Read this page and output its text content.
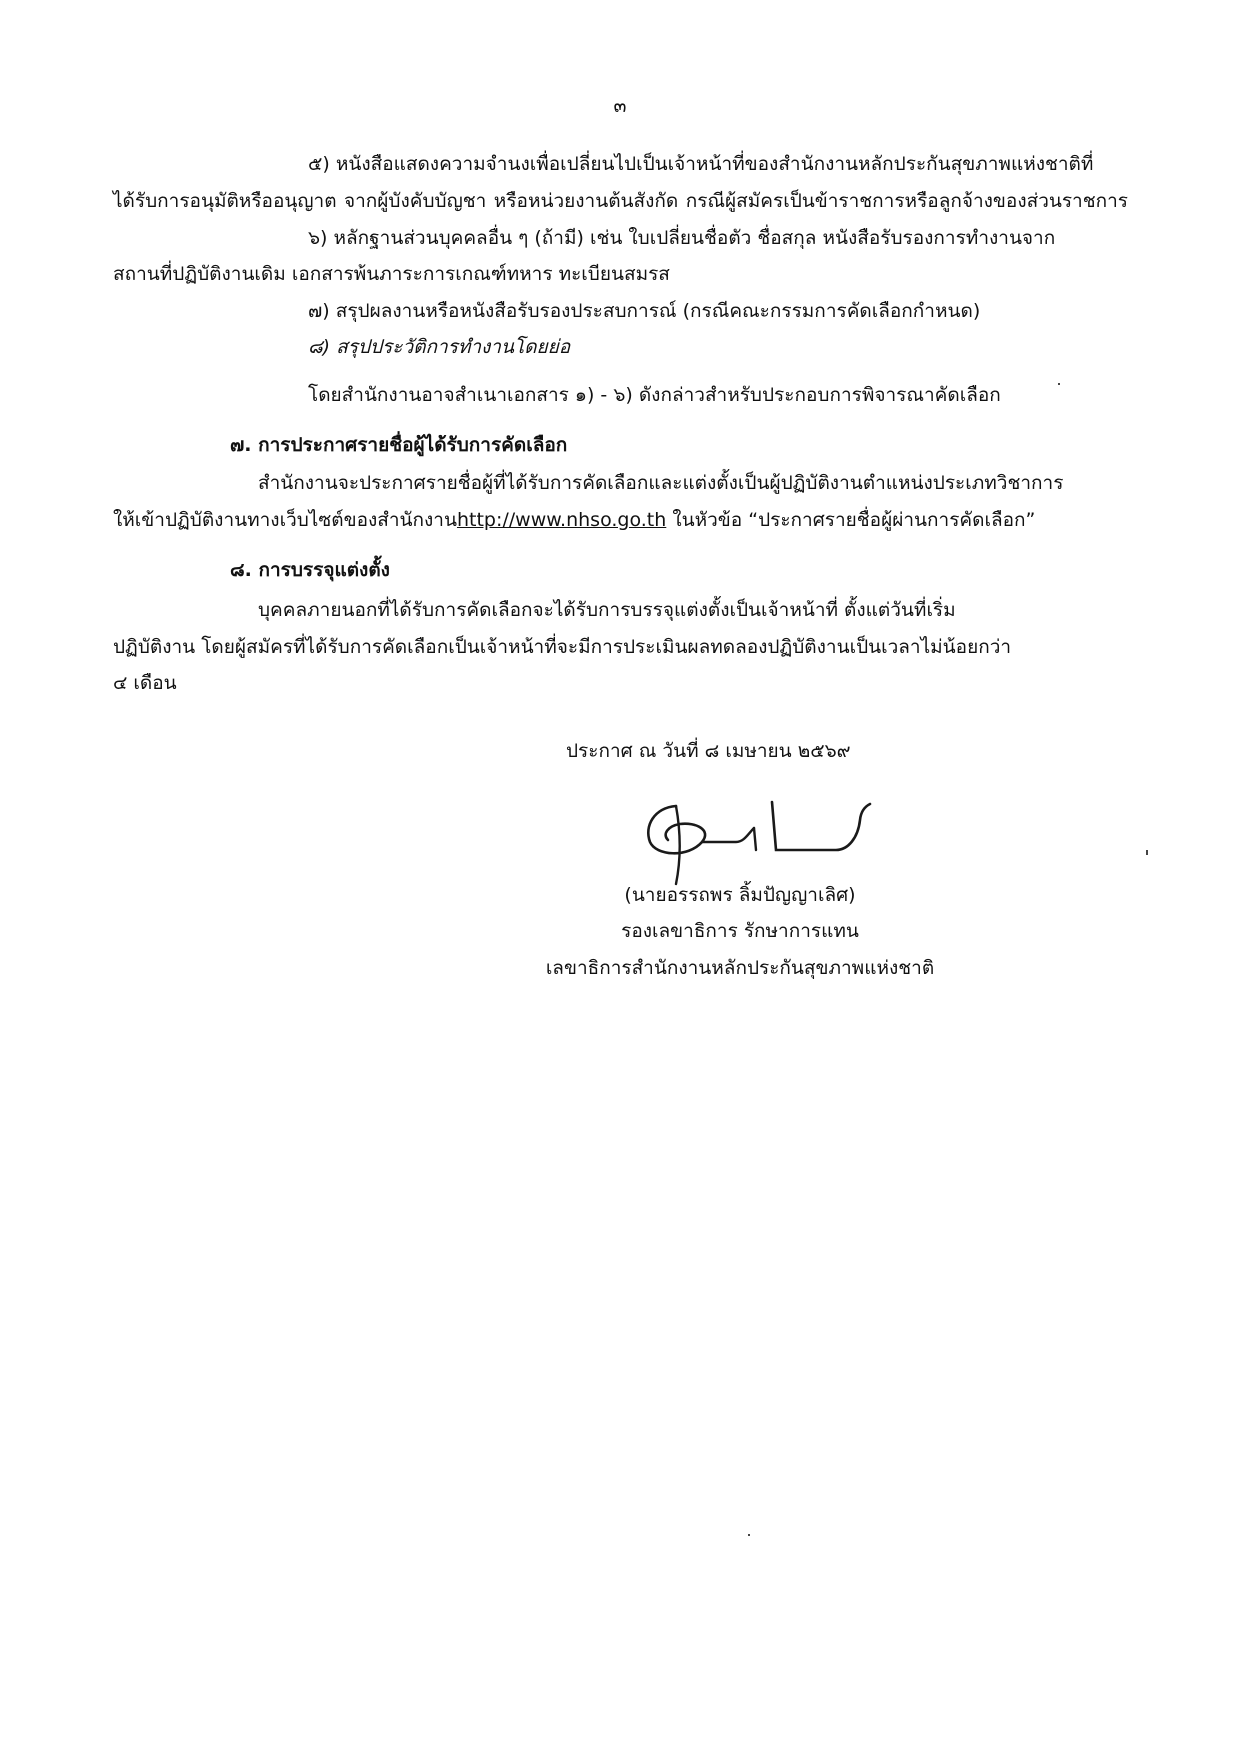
๓
๕) หนังสือแสดงความจำนงเพื่อเปลี่ยนไปเป็นเจ้าหน้าที่ของสำนักงานหลักประกันสุขภาพแห่งชาติที่
ได้รับการอนุมัติหรืออนุญาต จากผู้บังคับบัญชา หรือหน่วยงานต้นสังกัด กรณีผู้สมัครเป็นข้าราชการหรือลูกจ้างของส่วนราชการ
๖) หลักฐานส่วนบุคคลอื่น ๆ (ถ้ามี) เช่น ใบเปลี่ยนชื่อตัว ชื่อสกุล หนังสือรับรองการทำงานจาก
สถานที่ปฏิบัติงานเดิม เอกสารพ้นภาระการเกณฑ์ทหาร ทะเบียนสมรส
๗) สรุปผลงานหรือหนังสือรับรองประสบการณ์ (กรณีคณะกรรมการคัดเลือกกำหนด)
๘) สรุปประวัติการทำงานโดยย่อ
โดยสำนักงานอาจสำเนาเอกสาร ๑) - ๖) ดังกล่าวสำหรับประกอบการพิจารณาคัดเลือก
๗. การประกาศรายชื่อผู้ได้รับการคัดเลือก
สำนักงานจะประกาศรายชื่อผู้ที่ได้รับการคัดเลือกและแต่งตั้งเป็นผู้ปฏิบัติงานตำแหน่งประเภทวิชาการ
ให้เข้าปฏิบัติงานทางเว็บไซต์ของสำนักงานhttp://www.nhso.go.th ในหัวข้อ “ประกาศรายชื่อผู้ผ่านการคัดเลือก”
๘. การบรรจุแต่งตั้ง
บุคคลภายนอกที่ได้รับการคัดเลือกจะได้รับการบรรจุแต่งตั้งเป็นเจ้าหน้าที่ ตั้งแต่วันที่เริ่ม
ปฏิบัติงาน โดยผู้สมัครที่ได้รับการคัดเลือกเป็นเจ้าหน้าที่จะมีการประเมินผลทดลองปฏิบัติงานเป็นเวลาไม่น้อยกว่า
๔ เดือน
ประกาศ ณ วันที่ ๘ เมษายน ๒๕๖๙
(นายอรรถพร ลิ้มปัญญาเลิศ)
รองเลขาธิการ รักษาการแทน
เลขาธิการสำนักงานหลักประกันสุขภาพแห่งชาติ
